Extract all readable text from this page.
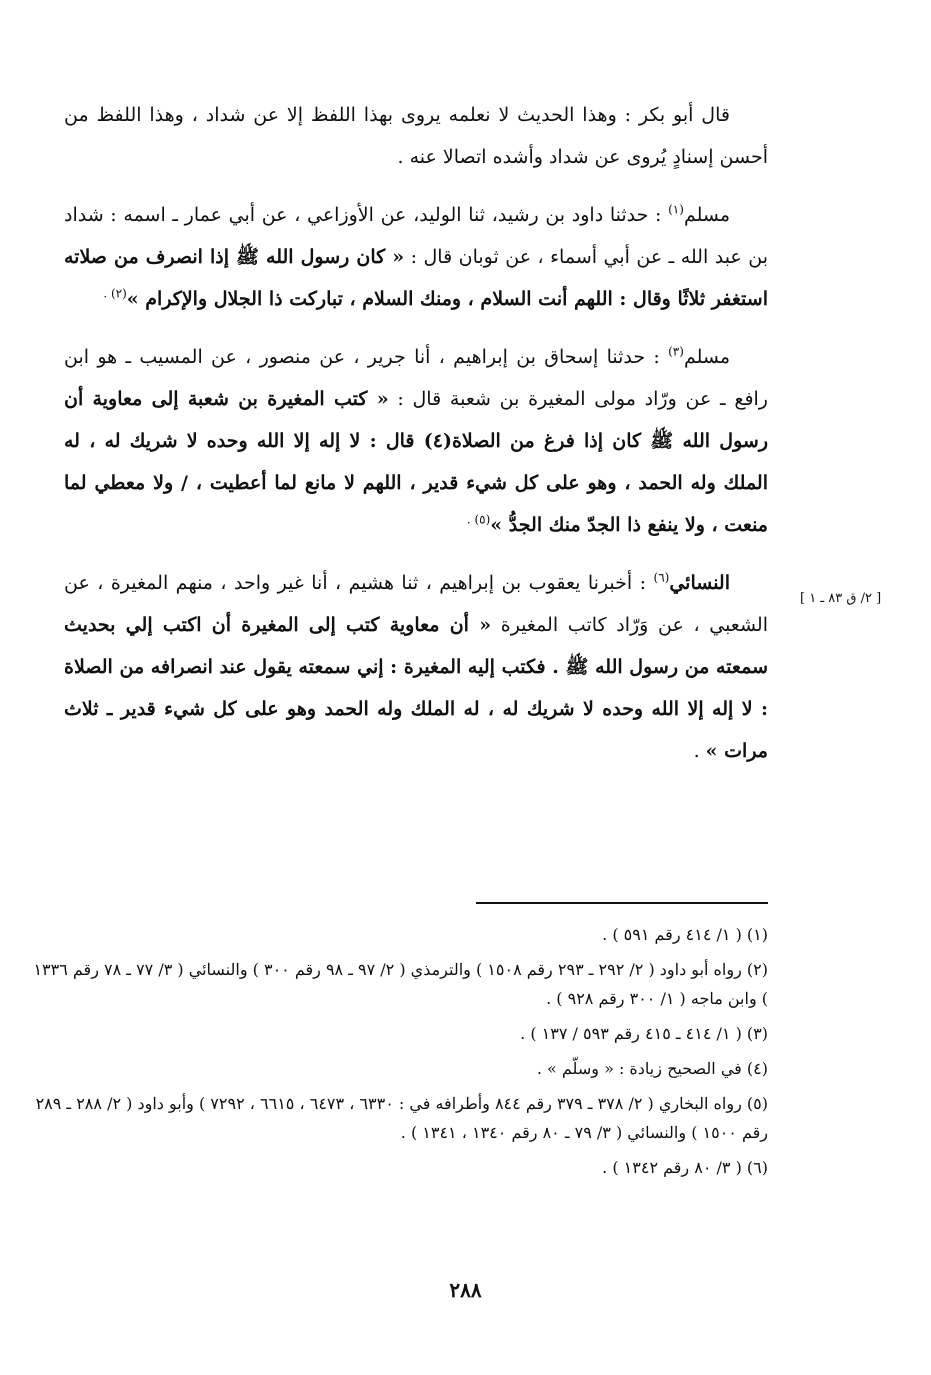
قال أبو بكر : وهذا الحديث لا نعلمه يروى بهذا اللفظ إلا عن شداد ، وهذا اللفظ من أحسن إسنادٍ يُروى عن شداد وأشده اتصالا عنه .

مسلم$^{(١)}$ : حدثنا داود بن رشيد، ثنا الوليد، عن الأوزاعي ، عن أبي عمار ـ اسمه : شداد بن عبد الله ـ عن أبي أسماء ، عن ثوبان قال : « كان رسول الله ﷺ إذا انصرف من صلاته استغفر ثلاثًا وقال : اللهم أنت السلام ، ومنك السلام ، تباركت ذا الجلال والإكرام »$^{(٢) .}$

مسلم$^{(٣)}$ : حدثنا إسحاق بن إبراهيم ، أنا جرير ، عن منصور ، عن المسيب ـ هو ابن رافع ـ عن ورّاد مولى المغيرة بن شعبة قال : « كتب المغيرة بن شعبة إلى معاوية أن رسول الله ﷺ كان إذا فرغ من الصلاة(٤) قال : لا إله إلا الله وحده لا شريك له ، له الملك وله الحمد ، وهو على كل شيء قدير ، اللهم لا مانع لما أعطيت ، / ولا معطي لما منعت ، ولا ينفع ذا الجدّ منك الجدُّ »$^{(٥) .}$

النسائي$^{(٦)}$ : أخبرنا يعقوب بن إبراهيم ، ثنا هشيم ، أنا غير واحد ، منهم المغيرة ، عن الشعبي ، عن وَرّاد كاتب المغيرة « أن معاوية كتب إلى المغيرة أن اكتب إلي بحديث سمعته من رسول الله ﷺ . فكتب إليه المغيرة : إني سمعته يقول عند انصرافه من الصلاة : لا إله إلا الله وحده لا شريك له ، له الملك وله الحمد وهو على كل شيء قدير ـ ثلاث مرات » .

[ ٢/ ق ٨٣ ـ ١ ]
(١) ( ١/ ٤١٤ رقم ٥٩١ ) .
(٢) رواه أبو داود ( ٢/ ٢٩٢ ـ ٢٩٣ رقم ١٥٠٨ ) والترمذي ( ٢/ ٩٧ ـ ٩٨ رقم ٣٠٠ ) والنسائي ( ٣/ ٧٧ ـ ٧٨ رقم ١٣٣٦ ) وابن ماجه ( ١/ ٣٠٠ رقم ٩٢٨ ) .
(٣) ( ١/ ٤١٤ ـ ٤١٥ رقم ٥٩٣ / ١٣٧ ) .
(٤) في الصحيح زيادة : « وسلّم » .
(٥) رواه البخاري ( ٢/ ٣٧٨ ـ ٣٧٩ رقم ٨٤٤ وأطرافه في : ٦٣٣٠ ، ٦٤٧٣ ، ٦٦١٥ ، ٧٢٩٢ ) وأبو داود ( ٢/ ٢٨٨ ـ ٢٨٩ رقم ١٥٠٠ ) والنسائي ( ٣/ ٧٩ ـ ٨٠ رقم ١٣٤٠ ، ١٣٤١ ) .
(٦) ( ٣/ ٨٠ رقم ١٣٤٢ ) .
٢٨٨
